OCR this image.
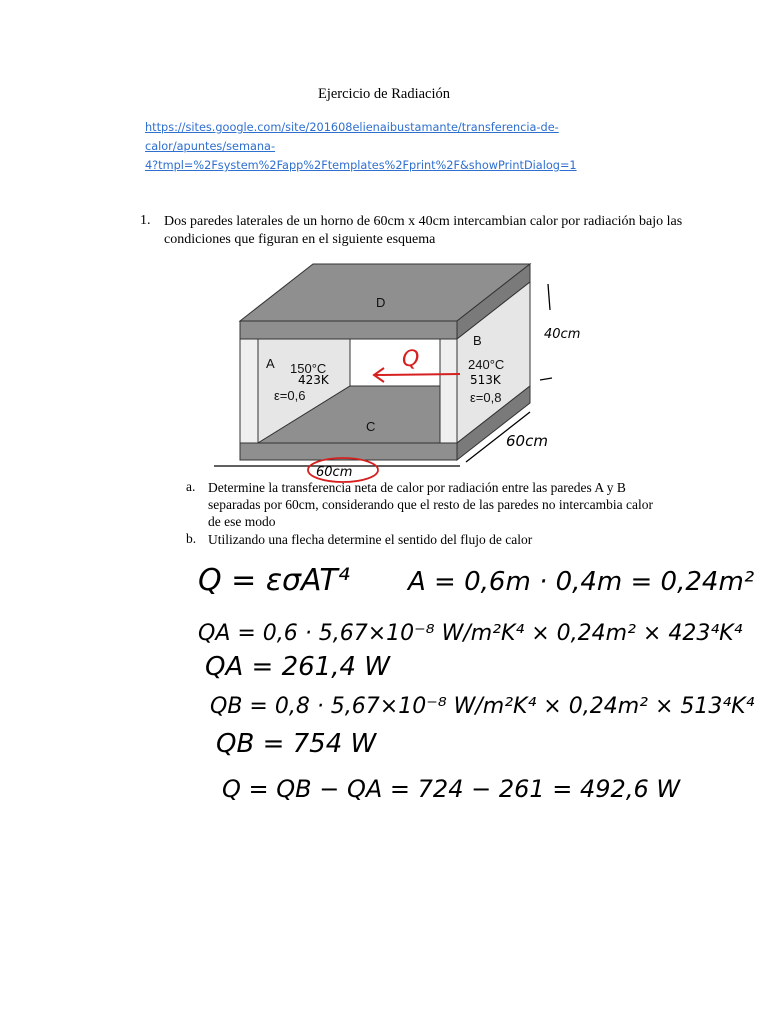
Ejercicio de Radiación
https://sites.google.com/site/201608elienaibustamante/transferencia-de-
calor/apuntes/semana-
4?tmpl=%2Fsystem%2Fapp%2Ftemplates%2Fprint%2F&showPrintDialog=1
1. Dos paredes laterales de un horno de 60cm x 40cm intercambian calor por radiación bajo las condiciones que figuran en el siguiente esquema
D
C
A 150°C
ε=0,6
B
240°C
ε=0,8
423K	513K
Q
40cm
60cm
60cm
a. Determine la transferencia neta de calor por radiación entre las paredes A y B separadas por 60cm, considerando que el resto de las paredes no intercambia calor de ese modo
b. Utilizando una flecha determine el sentido del flujo de calor
Q = εσAT⁴ A = 0,6m · 0,4m = 0,24m²
QA = 0,6 · 5,67×10⁻⁸ W/m²K⁴ × 0,24m² × 423⁴K⁴
QA = 261,4 W
QB = 0,8 · 5,67×10⁻⁸ W/m²K⁴ × 0,24m² × 513⁴K⁴
QB = 754 W
Q = QB − QA = 724 − 261 = 492,6 W
